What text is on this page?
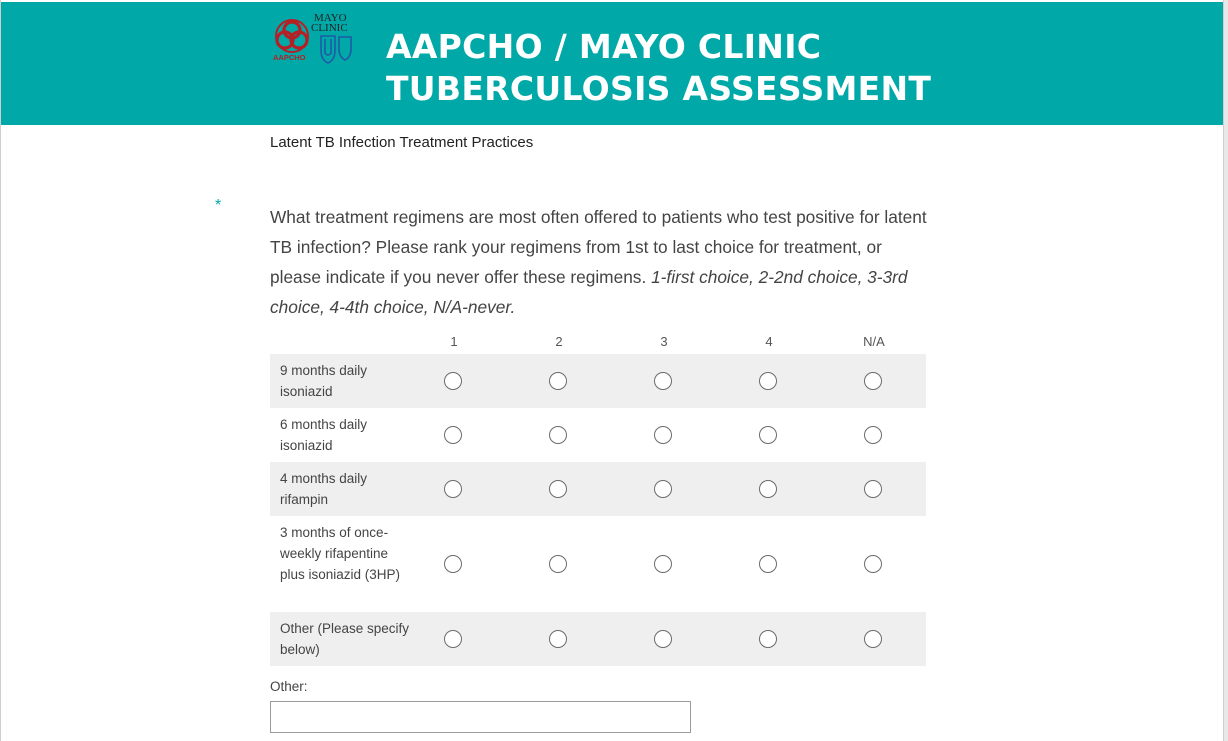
AAPCHO
MAYO
CLINIC AAPCHO / MAYO CLINIC
TUBERCULOSIS ASSESSMENT
Latent TB Infection Treatment Practices
*
What treatment regimens are most often offered to patients who test positive for latent TB infection? Please rank your regimens from 1st to last choice for treatment, or please indicate if you never offer these regimens. 1-first choice, 2-2nd choice, 3-3rd choice, 4-4th choice, N/A-never.
1	2	3	4	N/A
9 months daily isoniazid
6 months daily isoniazid
4 months daily rifampin
3 months of once-weekly rifapentine plus isoniazid (3HP)
Other (Please specify below)
Other:
